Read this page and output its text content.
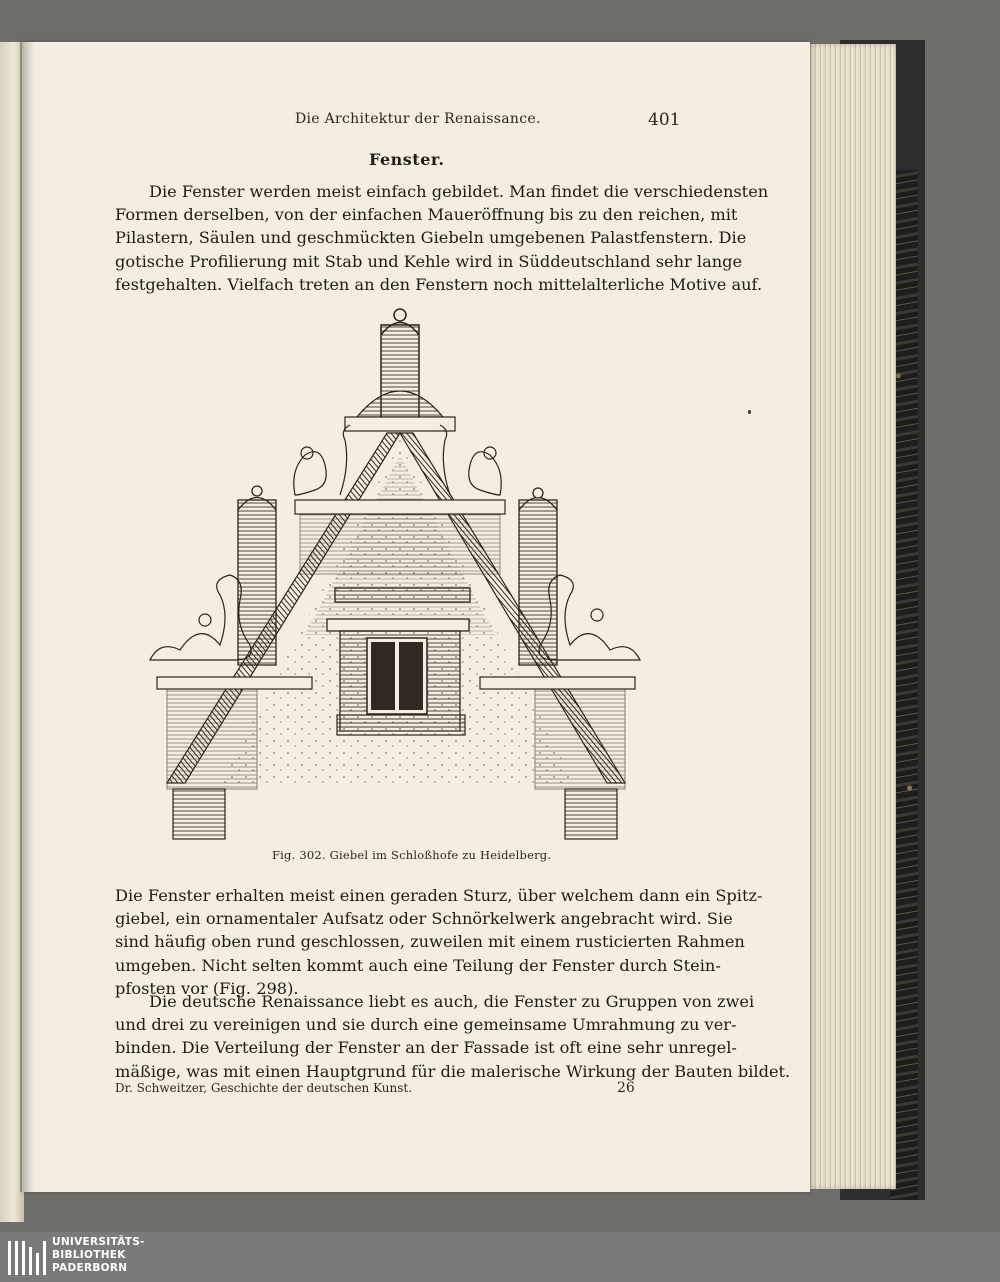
Die Architektur der Renaissance.	401
Fenster.
Die Fenster werden meist einfach gebildet. Man findet die verschiedensten
Formen derselben, von der einfachen Maueröffnung bis zu den reichen, mit
Pilastern, Säulen und geschmückten Giebeln umgebenen Palastfenstern. Die
gotische Profilierung mit Stab und Kehle wird in Süddeutschland sehr lange
festgehalten. Vielfach treten an den Fenstern noch mittelalterliche Motive auf.
Fig. 302. Giebel im Schloßhofe zu Heidelberg.
Die Fenster erhalten meist einen geraden Sturz, über welchem dann ein Spitz-
giebel, ein ornamentaler Aufsatz oder Schnörkelwerk angebracht wird. Sie
sind häufig oben rund geschlossen, zuweilen mit einem rusticierten Rahmen
umgeben. Nicht selten kommt auch eine Teilung der Fenster durch Stein-
pfosten vor (Fig. 298).
Die deutsche Renaissance liebt es auch, die Fenster zu Gruppen von zwei
und drei zu vereinigen und sie durch eine gemeinsame Umrahmung zu ver-
binden. Die Verteilung der Fenster an der Fassade ist oft eine sehr unregel-
mäßige, was mit einen Hauptgrund für die malerische Wirkung der Bauten bildet.
Dr. Schweitzer, Geschichte der deutschen Kunst.	26
UNIVERSITÄTS-
BIBLIOTHEK
PADERBORN
